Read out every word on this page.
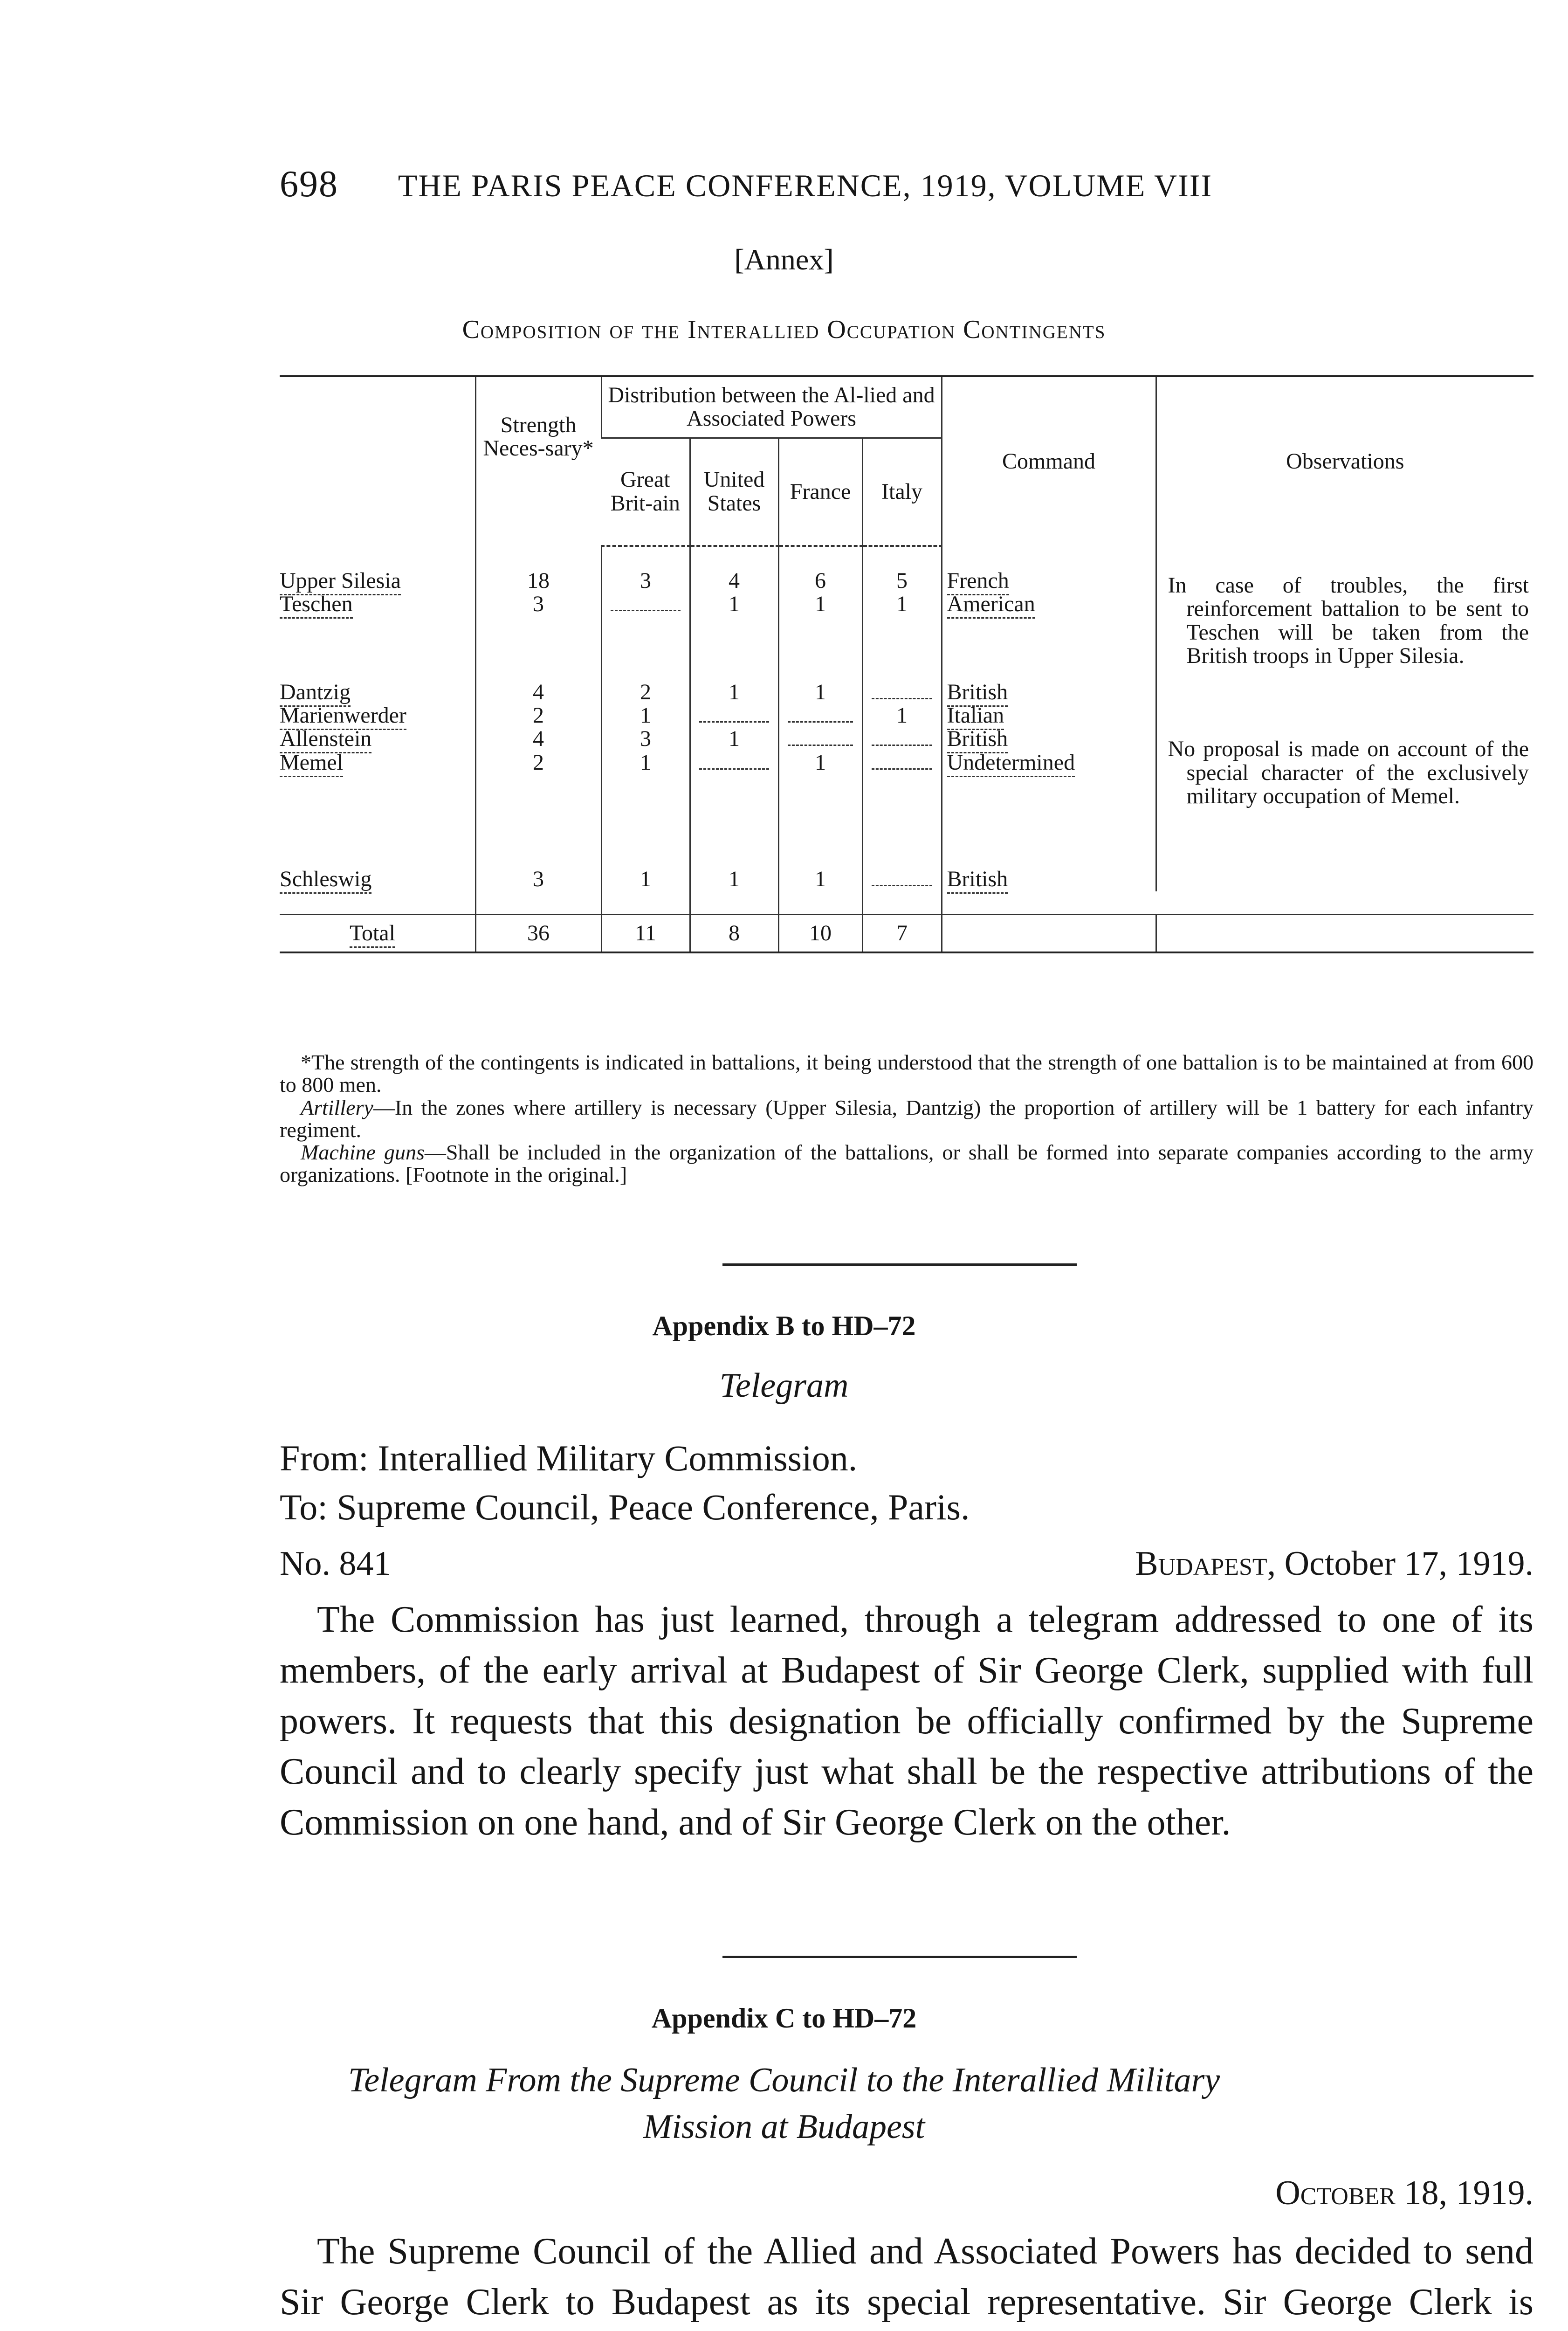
698 THE PARIS PEACE CONFERENCE, 1919, VOLUME VIII
[Annex]
Composition of the Interallied Occupation Contingents
	Strength Neces-sary*	Distribution between the Al-lied and Associated Powers				Command	Observations
		Great Brit-ain	United States	France	Italy		

							In case of troubles, the first reinforcement battalion to be sent to Teschen will be taken from the British troops in Upper Silesia.

No proposal is made on account of the special character of the exclusively military occupation of Memel.

Upper Silesia	18	3	4	6	5	French	
Teschen	3		1	1	1	American	

Dantzig	4	2	1	1		British	
Marienwerder	2	1			1	Italian	
Allenstein	4	3	1			British	
Memel	2	1		1		Undetermined	

Schleswig	3	1	1	1		British	

Total	36	11	8	10	7		

*The strength of the contingents is indicated in battalions, it being understood that the strength of one battalion is to be maintained at from 600 to 800 men.

Artillery—In the zones where artillery is necessary (Upper Silesia, Dantzig) the proportion of artillery will be 1 battery for each infantry regiment.

Machine guns—Shall be included in the organization of the battalions, or shall be formed into separate companies according to the army organizations. [Footnote in the original.]

Appendix B to HD–72
Telegram
From: Interallied Military Commission.
To: Supreme Council, Peace Conference, Paris.
No. 841	Budapest, October 17, 1919.

The Commission has just learned, through a telegram addressed to one of its members, of the early arrival at Budapest of Sir George Clerk, supplied with full powers. It requests that this designation be officially confirmed by the Supreme Council and to clearly specify just what shall be the respective attributions of the Commission on one hand, and of Sir George Clerk on the other.

Appendix C to HD–72
Telegram From the Supreme Council to the Interallied Military
Mission at Budapest
October 18, 1919.

The Supreme Council of the Allied and Associated Powers has decided to send Sir George Clerk to Budapest as its special representative. Sir George Clerk is
